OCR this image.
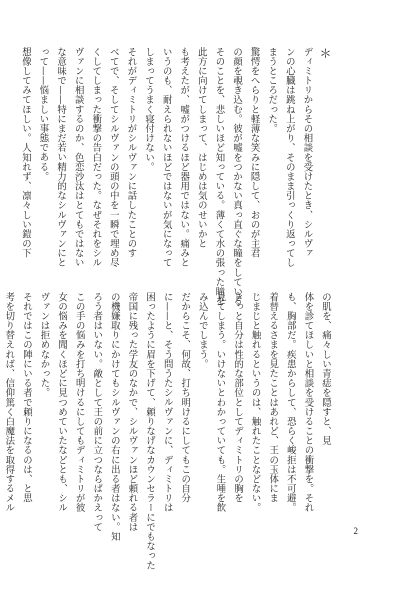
＊
ディミトリからその相談を受けたとき、シルヴァ
ンの心臓は跳ね上がり、そのまま引っくり返ってし
まうところだった。
驚愕をへらりと軽薄な笑みに隠して、おのが主君
の顔を覗き込む。彼が嘘をつかない真っ直ぐな瞳をしている
そのことを、悲しいほど知っている。薄くて水の張った瞳を
此方に向けてしまって、はじめは気のせいかと
も考えたが、嘘がつけるほど器用ではない。痛みと
いうのも、耐えられないほどではないが気になって
しまってうまく寝付けない。
それがディミトリがシルヴァンに話したことのす
べてで、そしてシルヴァンの頭の中を一瞬で埋め尽
くしてしまった衝撃の告白だった。なぜそれをシル
ヴァンに相談するのか、色恋沙汰はとてもではない
な意味で——特にまだ若い精力的なシルヴァンにと
って——悩ましい事態である。
想像してみてほしい。人知れず、凛々しい鎧の下
の肌を、痛々しい青痣を隠すと、見
体を診てほしいと相談を受けることの衝撃を。それ
も、胸部だ。疾患からして、恐らく峻拒は不可避。
着替えるさまを見たことはあれど、王の玉体にま
じまじと触れるというのは、触れたことなどない。
きっと自分は性的な部位としてディミトリの胸を
見てしまう。いけないとわかっていても。生唾を飲
み込んでしまう。
だからこそ、何故、打ち明けるにしてもこの自分
に——と、そう問うたシルヴァンに、ディミトリは
困ったように眉を下げて、頼りなげなカウンセラーにでもなった
帝国に残った学友のなかで、シルヴァンほど頼れる者は
の機嫌取りにかけてもシルヴァンの右に出る者はない。知
ろう者はいない。敵として王の前に立つならばかえって
この手の悩みを打ち明けるにしてもディミトリが彼
女の悩みを聞くほどに見つめていたなどとも、シル
ヴァンは拒めなかった。
それではこの陣にいる者で頼りになるのは、と思
考を切り替えれば、信仰篤く白魔法を取得するメル
2
